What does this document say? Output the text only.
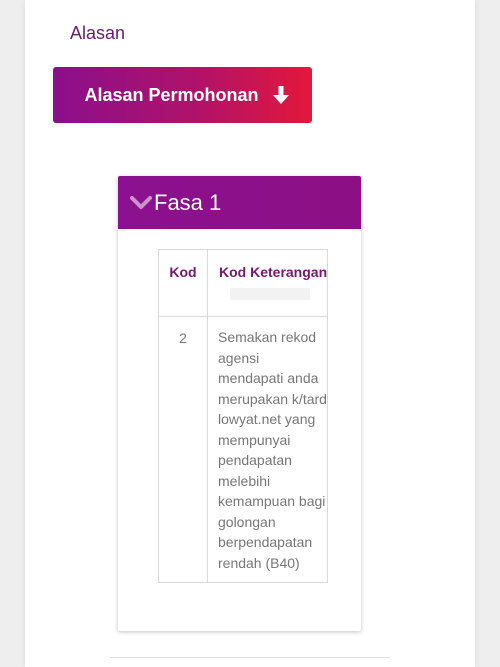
Alasan
Alasan Permohonan
Fasa 1
Kod	Kod Keterangan
2	Semakan rekod agensi mendapati anda merupakan k/tard lowyat.net yang mempunyai pendapatan melebihi kemampuan bagi golongan berpendapatan rendah (B40)
